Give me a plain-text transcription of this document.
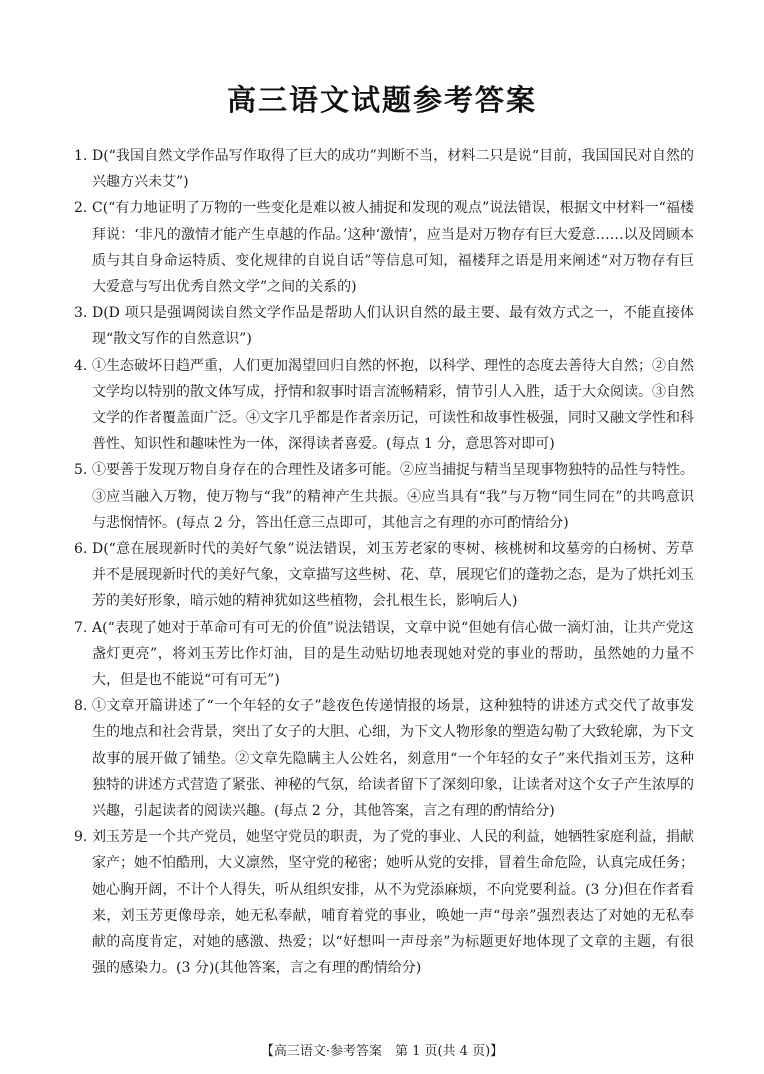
高三语文试题参考答案
1. D(“我国自然文学作品写作取得了巨大的成功”判断不当，材料二只是说“目前，我国国民对自然的兴趣方兴未艾”)
2. C(“有力地证明了万物的一些变化是难以被人捕捉和发现的观点”说法错误，根据文中材料一“福楼拜说：‘非凡的激情才能产生卓越的作品。’这种‘激情’，应当是对万物存有巨大爱意……以及罔顾本质与其自身命运特质、变化规律的自说自话”等信息可知，福楼拜之语是用来阐述“对万物存有巨大爱意与写出优秀自然文学”之间的关系的)
3. D(D 项只是强调阅读自然文学作品是帮助人们认识自然的最主要、最有效方式之一，不能直接体现“散文写作的自然意识”)
4. ①生态破坏日趋严重，人们更加渴望回归自然的怀抱，以科学、理性的态度去善待大自然；②自然文学均以特别的散文体写成，抒情和叙事时语言流畅精彩，情节引人入胜，适于大众阅读。③自然文学的作者覆盖面广泛。④文字几乎都是作者亲历记，可读性和故事性极强，同时又融文学性和科普性、知识性和趣味性为一体，深得读者喜爱。(每点 1 分，意思答对即可)
5. ①要善于发现万物自身存在的合理性及诸多可能。②应当捕捉与精当呈现事物独特的品性与特性。③应当融入万物，使万物与“我”的精神产生共振。④应当具有“我”与万物“同生同在”的共鸣意识与悲悯情怀。(每点 2 分，答出任意三点即可，其他言之有理的亦可酌情给分)
6. D(“意在展现新时代的美好气象”说法错误，刘玉芳老家的枣树、核桃树和坟墓旁的白杨树、芳草并不是展现新时代的美好气象，文章描写这些树、花、草，展现它们的蓬勃之态，是为了烘托刘玉芳的美好形象，暗示她的精神犹如这些植物，会扎根生长，影响后人)
7. A(“表现了她对于革命可有可无的价值”说法错误，文章中说“但她有信心做一滴灯油，让共产党这盏灯更亮”，将刘玉芳比作灯油，目的是生动贴切地表现她对党的事业的帮助，虽然她的力量不大，但是也不能说“可有可无”)
8. ①文章开篇讲述了“一个年轻的女子”趁夜色传递情报的场景，这种独特的讲述方式交代了故事发生的地点和社会背景，突出了女子的大胆、心细，为下文人物形象的塑造勾勒了大致轮廓，为下文故事的展开做了铺垫。②文章先隐瞒主人公姓名，刻意用“一个年轻的女子”来代指刘玉芳，这种独特的讲述方式营造了紧张、神秘的气氛，给读者留下了深刻印象，让读者对这个女子产生浓厚的兴趣，引起读者的阅读兴趣。(每点 2 分，其他答案，言之有理的酌情给分)
9. 刘玉芳是一个共产党员，她坚守党员的职责，为了党的事业、人民的利益，她牺牲家庭利益，捐献家产；她不怕酷刑，大义凛然，坚守党的秘密；她听从党的安排，冒着生命危险，认真完成任务；她心胸开阔，不计个人得失，听从组织安排，从不为党添麻烦，不向党要利益。(3 分)但在作者看来，刘玉芳更像母亲，她无私奉献，哺育着党的事业，唤她一声“母亲”强烈表达了对她的无私奉献的高度肯定，对她的感激、热爱；以“好想叫一声母亲”为标题更好地体现了文章的主题，有很强的感染力。(3 分)(其他答案，言之有理的酌情给分)
【高三语文·参考答案　第 1 页(共 4 页)】
